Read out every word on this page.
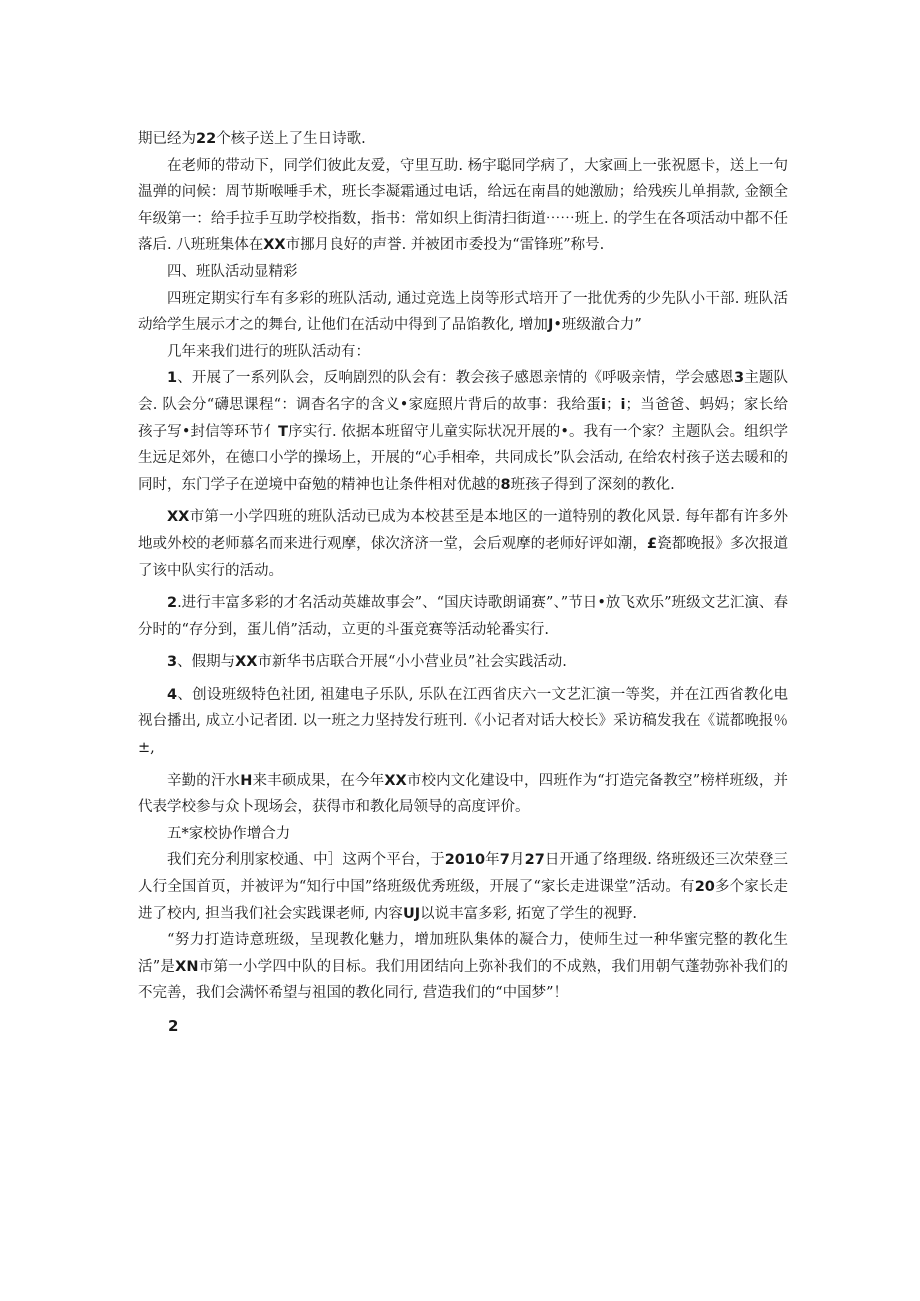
期已经为22个核子送上了生日诗歌.

在老师的带动下，同学们彼此友爱，守里互助. 杨宇聪同学病了，大家画上一张祝愿卡，送上一句温弹的问候：周节斯喉唾手术，班长李凝霜通过电话，给远在南昌的她激励；给残疾儿单捐款, 金额全年级第一：给手拉手互助学校指数，指书：常如织上街清扫街道⋯⋯班上. 的学生在各项活动中都不任落后. 八班班集体在XX市挪月良好的声誉. 并被团市委投为“雷锋班”称号.

四、班队活动显精彩

四班定期实行车有多彩的班队活动, 通过竞选上岗等形式培开了一批优秀的少先队小干部. 班队活动给学生展示才之的舞台, 让他们在活动中得到了品馅教化, 增加J•班级澈合力”

几年来我们进行的班队活动有：

1、开展了一系列队会，反响剧烈的队会有：教会孩子感恩亲情的《呼吸亲情，学会感恩3主题队会. 队会分“礴思课程“：调杳名字的含义•家庭照片背后的故事：我给蛋i；i；当爸爸、蚂妈；家长给孩子写•封信等环节亻T序实行. 依据本班留守儿童实际状况开展的•。我有一个家？主题队会。组织学生远足郊外，在德口小学的操场上，开展的“心手相牵，共同成长”队会活动, 在给农村孩子送去暖和的同时，东门学子在逆境中奋勉的精神也让条件相对优越的8班孩子得到了深刻的教化.

XX市第一小学四班的班队活动已成为本校甚至是本地区的一道特别的教化风景. 每年都有许多外地或外校的老师慕名而来进行观摩，俅次济济一堂，会后观摩的老师好评如潮，£瓷都晚报》多次报道了该中队实行的活动。

2.进行丰富多彩的才名活动英雄故事会”、“国庆诗歌朗诵赛”、”节日•放飞欢乐”班级文艺汇演、春分时的“存分到，蛋儿俏”活动，立更的斗蛋竞赛等活动轮番实行.

3、假期与XX市新华书店联合开展“小小营业员”社会实践活动.

4、创设班级特色社团, 祖建电子乐队, 乐队在江西省庆六一文艺汇演一等奖，并在江西省教化电视台播出, 成立小记者团. 以一班之力坚持发行班刊.《小记者对话大校长》采访稿发我在《谎都晚报％±,

辛勤的汗水H来丰硕成果，在今年XX市校内文化建设中，四班作为“打造完备教空”榜样班级，并代表学校参与众卜现场会，获得市和教化局领导的高度评价。

五*家校协作增合力

我们充分利刖家校通、中］这两个平台，于2010年7月27日开通了络理级. 络班级还三次荣登三人行全国首页，并被评为“知行中国”络班级优秀班级，开展了“家长走进课堂”活动。有20多个家长走进了校内, 担当我们社会实践课老师, 内容UJ以说丰富多彩, 拓宽了学生的视野.

“努力打造诗意班级，呈现教化魅力，增加班队集体的凝合力，使师生过一种华蜜完整的教化生活”是XN市第一小学四中队的目标。我们用团结向上弥补我们的不成熟，我们用朝气蓬勃弥补我们的不完善，我们会满怀希望与祖国的教化同行, 营造我们的“中国梦”！

2
